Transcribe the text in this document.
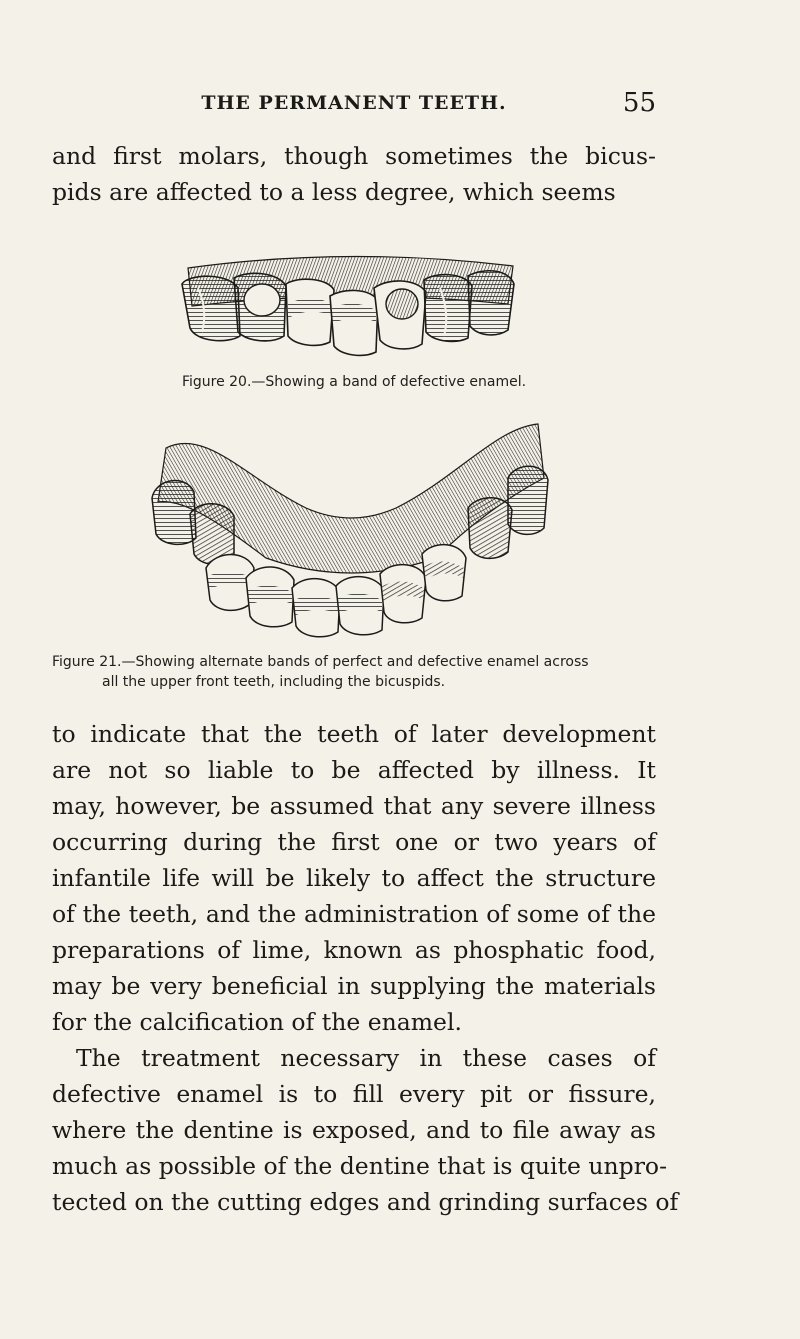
THE PERMANENT TEETH.	55
and first molars, though sometimes the bicus-
pids are affected to a less degree, which seems
Figure 20.—Showing a band of defective enamel.
Figure 21.—Showing alternate bands of perfect and defective enamel across
all the upper front teeth, including the bicuspids.
to indicate that the teeth of later development
are not so liable to be affected by illness. It
may, however, be assumed that any severe illness
occurring during the first one or two years of
infantile life will be likely to affect the structure
of the teeth, and the administration of some of the
preparations of lime, known as phosphatic food,
may be very beneficial in supplying the materials
for the calcification of the enamel.
The treatment necessary in these cases of
defective enamel is to fill every pit or fissure,
where the dentine is exposed, and to file away as
much as possible of the dentine that is quite unpro-
tected on the cutting edges and grinding surfaces of
